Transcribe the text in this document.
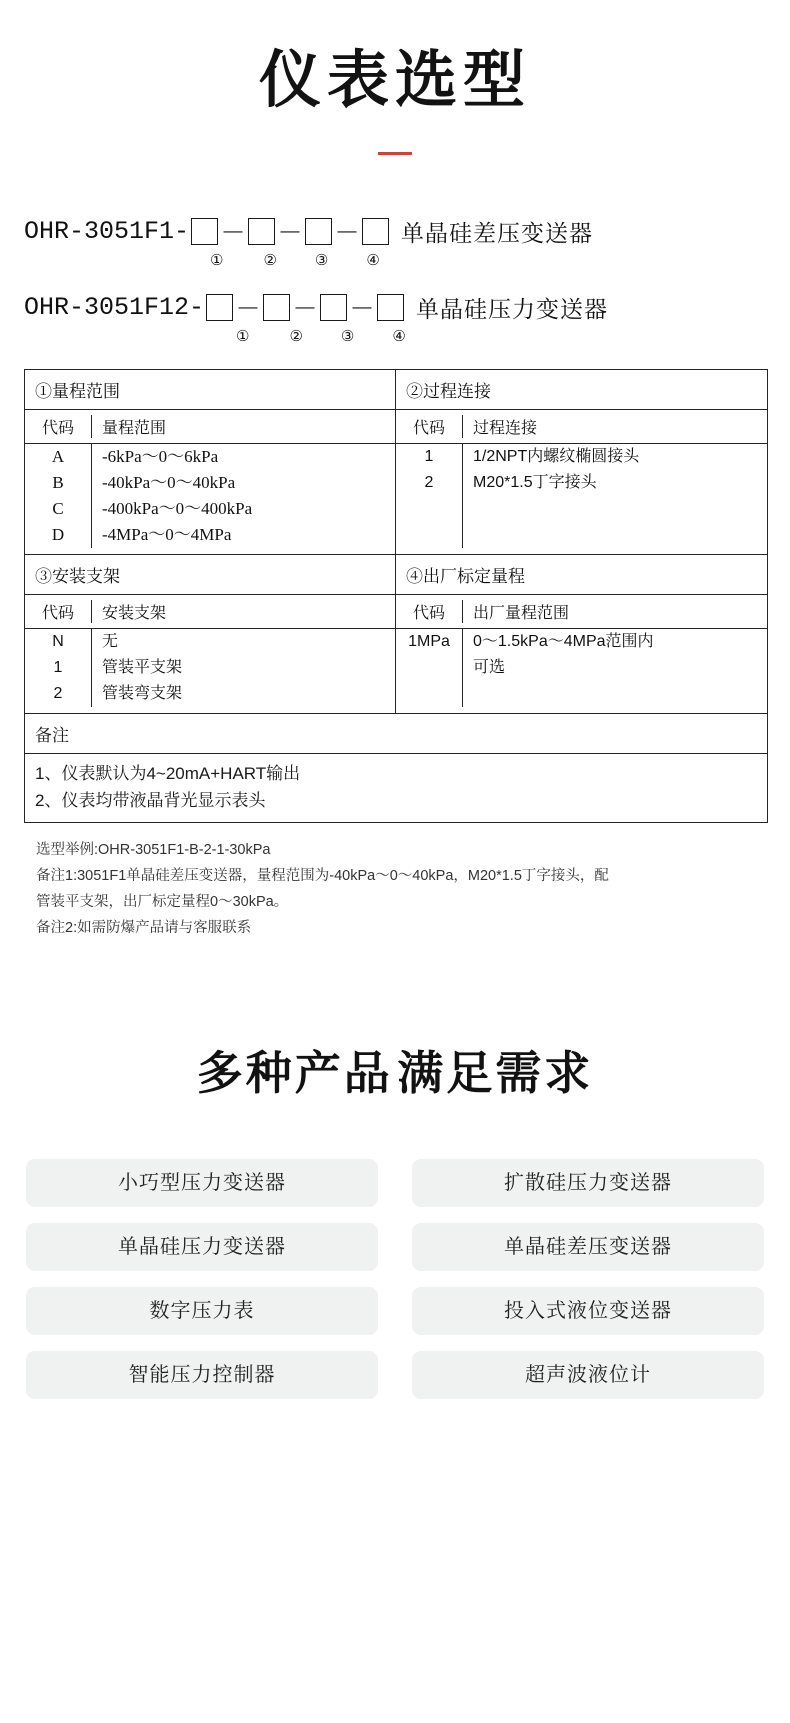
仪表选型
OHR-3051F1- － － － 单晶硅差压变送器
①	②	③	④
OHR-3051F12- － － － 单晶硅压力变送器
①	②	③	④
①量程范围
代码	量程范围
A	-6kPa～0～6kPa
B	-40kPa～0～40kPa
C	-400kPa～0～400kPa
D	-4MPa～0～4MPa
②过程连接
代码	过程连接
1	1/2NPT内螺纹椭圆接头
2	M20*1.5丁字接头

③安装支架
代码	安装支架
N	无
1	管装平支架
2	管装弯支架
④出厂标定量程
代码	出厂量程范围
1MPa	0～1.5kPa～4MPa范围内
可选

备注
1、仪表默认为4~20mA+HART输出
2、仪表均带液晶背光显示表头
选型举例:OHR-3051F1-B-2-1-30kPa
备注1:3051F1单晶硅差压变送器，量程范围为-40kPa～0～40kPa，M20*1.5丁字接头，配
管装平支架，出厂标定量程0～30kPa。
备注2:如需防爆产品请与客服联系
多种产品 满足需求
小巧型压力变送器	扩散硅压力变送器
单晶硅压力变送器	单晶硅差压变送器
数字压力表	投入式液位变送器
智能压力控制器	超声波液位计
